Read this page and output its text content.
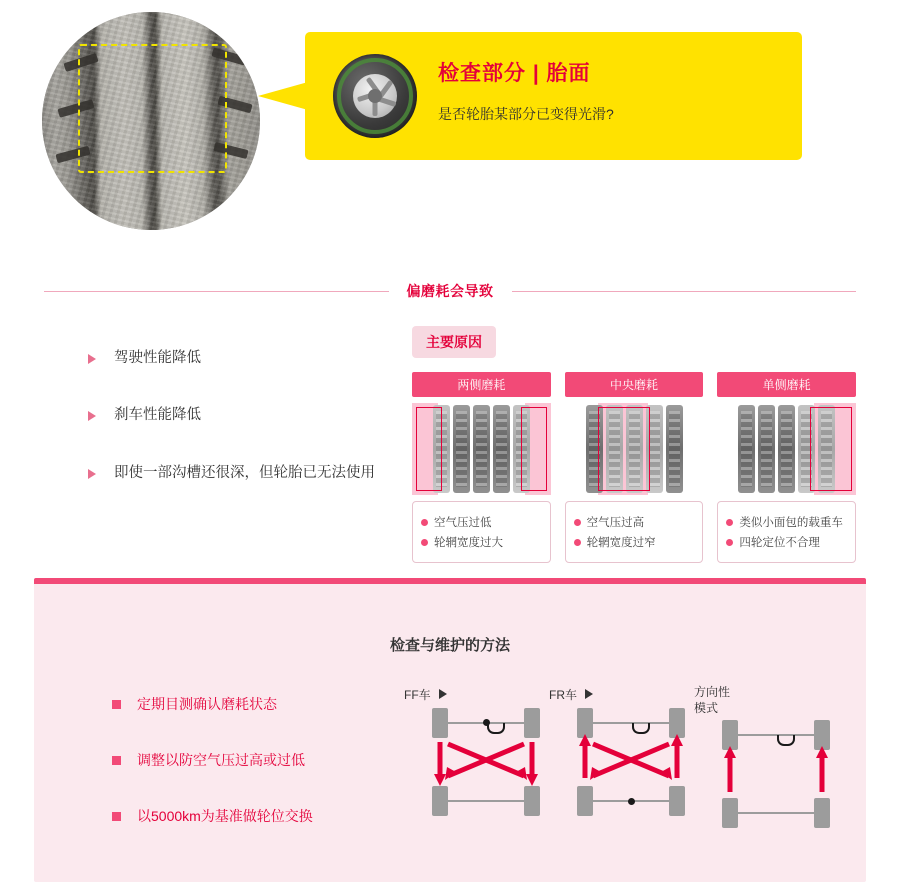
检查部分 | 胎面
是否轮胎某部分已变得光滑?
偏磨耗会导致
驾驶性能降低
刹车性能降低
即使一部沟槽还很深，但轮胎已无法使用
主要原因
两侧磨耗
空气压过低
轮辋宽度过大
中央磨耗
空气压过高
轮辋宽度过窄
单侧磨耗
类似小面包的载重车
四轮定位不合理
检查与维护的方法
定期目测确认磨耗状态
调整以防空气压过高或过低
以5000km为基准做轮位交换
FF车	FR车	方向性
模式
